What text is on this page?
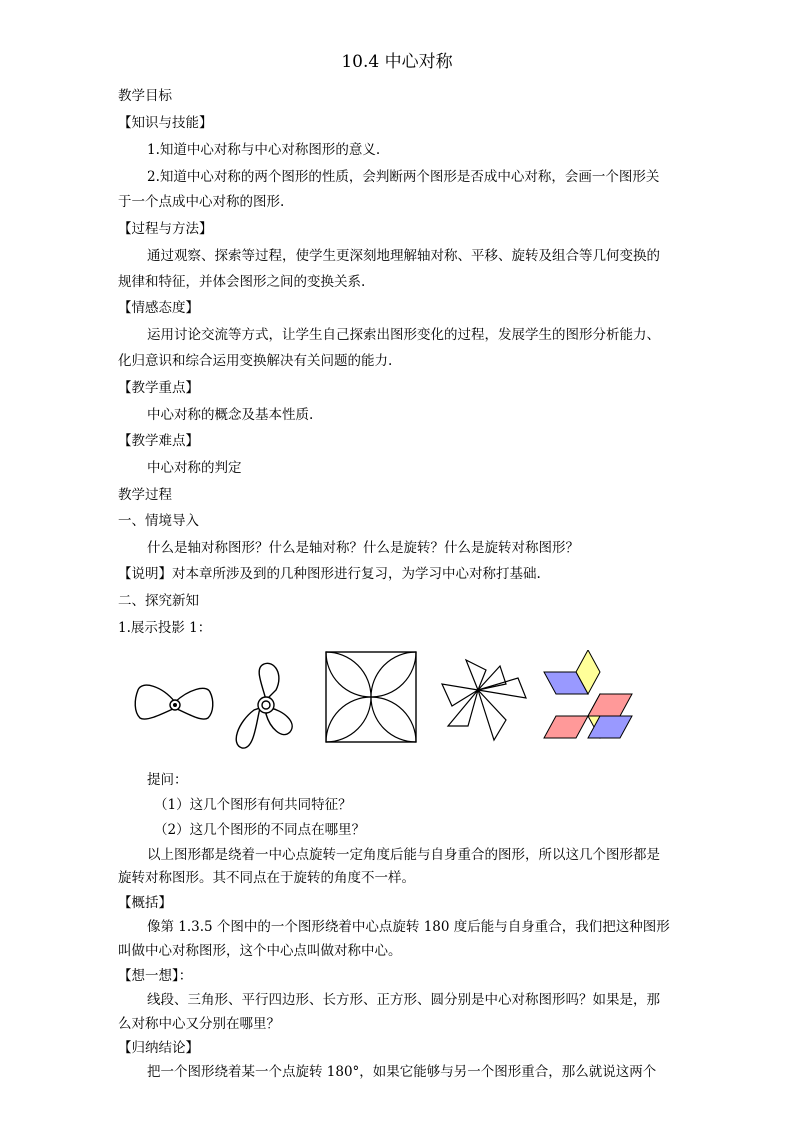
10.4 中心对称
教学目标
【知识与技能】
1.知道中心对称与中心对称图形的意义.
2.知道中心对称的两个图形的性质，会判断两个图形是否成中心对称，会画一个图形关
于一个点成中心对称的图形.
【过程与方法】
通过观察、探索等过程，使学生更深刻地理解轴对称、平移、旋转及组合等几何变换的
规律和特征，并体会图形之间的变换关系.
【情感态度】
运用讨论交流等方式，让学生自己探索出图形变化的过程，发展学生的图形分析能力、
化归意识和综合运用变换解决有关问题的能力.
【教学重点】
中心对称的概念及基本性质.
【教学难点】
中心对称的判定
教学过程
一、情境导入
什么是轴对称图形？什么是轴对称？什么是旋转？什么是旋转对称图形？
【说明】对本章所涉及到的几种图形进行复习，为学习中心对称打基础.
二、探究新知
1.展示投影 1：
提问：
（1）这几个图形有何共同特征？
（2）这几个图形的不同点在哪里？
以上图形都是绕着一中心点旋转一定角度后能与自身重合的图形，所以这几个图形都是
旋转对称图形。其不同点在于旋转的角度不一样。
【概括】
像第 1.3.5 个图中的一个图形绕着中心点旋转 180 度后能与自身重合，我们把这种图形
叫做中心对称图形，这个中心点叫做对称中心。
【想一想】：
线段、三角形、平行四边形、长方形、正方形、圆分别是中心对称图形吗？如果是，那
么对称中心又分别在哪里？
【归纳结论】
把一个图形绕着某一个点旋转 180°，如果它能够与另一个图形重合，那么就说这两个
